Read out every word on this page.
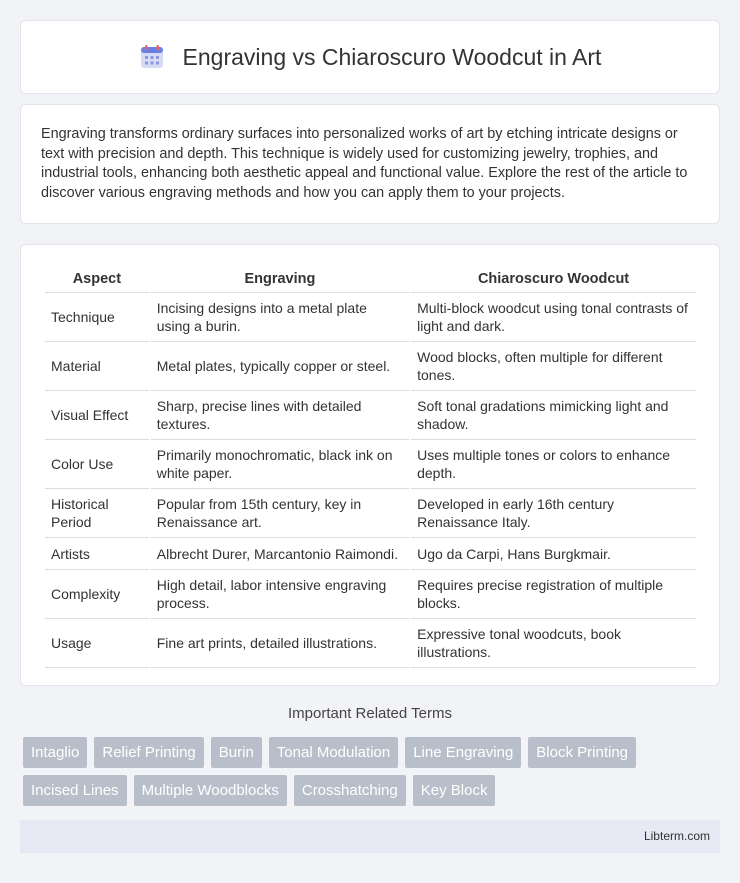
Engraving vs Chiaroscuro Woodcut in Art

Engraving transforms ordinary surfaces into personalized works of art by etching intricate designs or text with precision and depth. This technique is widely used for customizing jewelry, trophies, and industrial tools, enhancing both aesthetic appeal and functional value. Explore the rest of the article to discover various engraving methods and how you can apply them to your projects.

Aspect	Engraving	Chiaroscuro Woodcut
Technique	Incising designs into a metal plate using a burin.	Multi-block woodcut using tonal contrasts of light and dark.
Material	Metal plates, typically copper or steel.	Wood blocks, often multiple for different tones.
Visual Effect	Sharp, precise lines with detailed textures.	Soft tonal gradations mimicking light and shadow.
Color Use	Primarily monochromatic, black ink on white paper.	Uses multiple tones or colors to enhance depth.
Historical Period	Popular from 15th century, key in Renaissance art.	Developed in early 16th century Renaissance Italy.
Artists	Albrecht Durer, Marcantonio Raimondi.	Ugo da Carpi, Hans Burgkmair.
Complexity	High detail, labor intensive engraving process.	Requires precise registration of multiple blocks.
Usage	Fine art prints, detailed illustrations.	Expressive tonal woodcuts, book illustrations.
Important Related Terms
Intaglio	Relief Printing	Burin	Tonal Modulation	Line Engraving	Block Printing
Incised Lines	Multiple Woodblocks	Crosshatching	Key Block
Libterm.com
